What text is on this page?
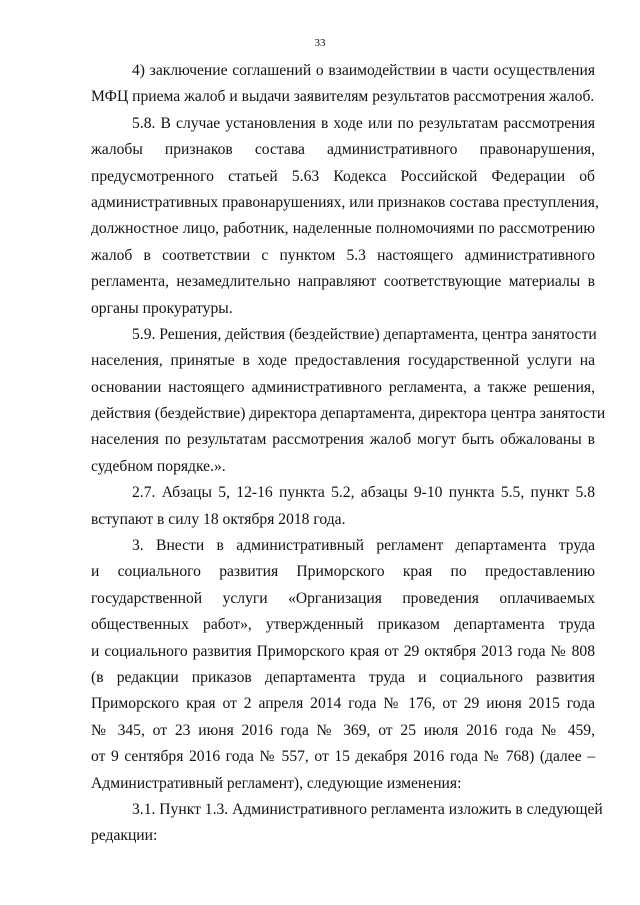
33

4) заключение соглашений о взаимодействии в части осуществления
МФЦ приема жалоб и выдачи заявителям результатов рассмотрения жалоб.

5.8. В случае установления в ходе или по результатам рассмотрения
жалобы признаков состава административного правонарушения,
предусмотренного статьей 5.63 Кодекса Российской Федерации об
административных правонарушениях, или признаков состава преступления,
должностное лицо, работник, наделенные полномочиями по рассмотрению
жалоб в соответствии с пунктом 5.3 настоящего административного
регламента, незамедлительно направляют соответствующие материалы в
органы прокуратуры.

5.9. Решения, действия (бездействие) департамента, центра занятости
населения, принятые в ходе предоставления государственной услуги на
основании настоящего административного регламента, а также решения,
действия (бездействие) директора департамента, директора центра занятости
населения по результатам рассмотрения жалоб могут быть обжалованы в
судебном порядке.».

2.7. Абзацы 5, 12-16 пункта 5.2, абзацы 9-10 пункта 5.5, пункт 5.8
вступают в силу 18 октября 2018 года.

3. Внести в административный регламент департамента труда
и социального развития Приморского края по предоставлению
государственной услуги «Организация проведения оплачиваемых
общественных работ», утвержденный приказом департамента труда
и социального развития Приморского края от 29 октября 2013 года № 808
(в редакции приказов департамента труда и социального развития
Приморского края от 2 апреля 2014 года № 176, от 29 июня 2015 года
№ 345, от 23 июня 2016 года № 369, от 25 июля 2016 года № 459,
от 9 сентября 2016 года № 557, от 15 декабря 2016 года № 768) (далее –
Административный регламент), следующие изменения:

3.1. Пункт 1.3. Административного регламента изложить в следующей
редакции:
